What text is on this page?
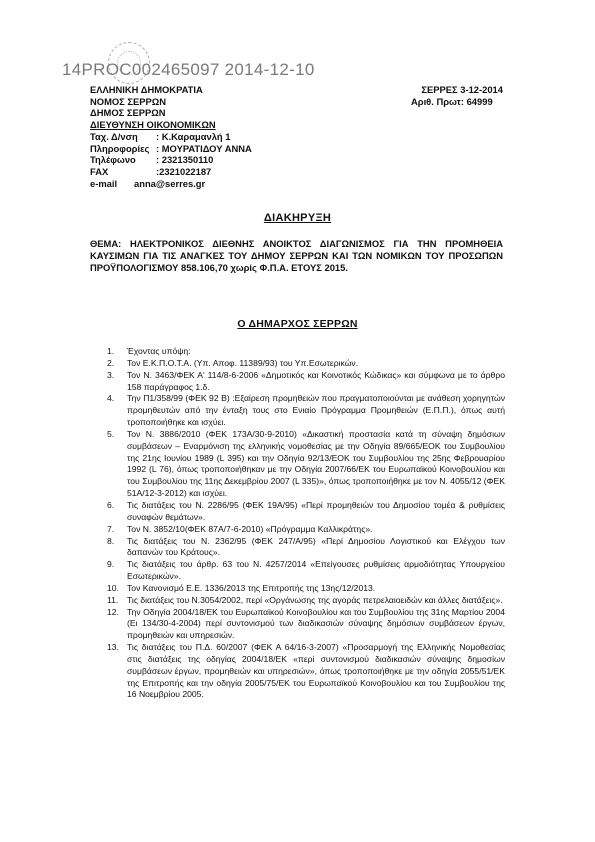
14PROC002465097 2014-12-10
ΕΛΛΗΝΙΚΗ ΔΗΜΟΚΡΑΤΙΑ
ΝΟΜΟΣ ΣΕΡΡΩΝ
ΔΗΜΟΣ ΣΕΡΡΩΝ
ΔΙΕΥΘΥΝΣΗ ΟΙΚΟΝΟΜΙΚΩΝ
Ταχ. Δ/νση	: Κ.Καραμανλή 1
Πληροφορίες : ΜΟΥΡΑΤΙΔΟΥ ΑΝΝΑ
Τηλέφωνο	: 2321350110
FAX	:2321022187
e-mail	anna@serres.gr
ΣΕΡΡΕΣ 3-12-2014
Αριθ. Πρωτ: 64999
ΔΙΑΚΗΡΥΞΗ
ΘΕΜΑ: ΗΛΕΚΤΡΟΝΙΚΟΣ ΔΙΕΘΝΗΣ ΑΝΟΙΚΤΟΣ ΔΙΑΓΩΝΙΣΜΟΣ ΓΙΑ ΤΗΝ ΠΡΟΜΗΘΕΙΑ ΚΑΥΣΙΜΩΝ ΓΙΑ ΤΙΣ ΑΝΑΓΚΕΣ ΤΟΥ ΔΗΜΟΥ ΣΕΡΡΩΝ ΚΑΙ ΤΩΝ ΝΟΜΙΚΩΝ ΤΟΥ ΠΡΟΣΩΠΩΝ ΠΡΟΫΠΟΛΟΓΙΣΜΟΥ 858.106,70 χωρίς Φ.Π.Α. ΕΤΟΥΣ 2015.
Ο ΔΗΜΑΡΧΟΣ ΣΕΡΡΩΝ
1.	Έχοντας υπόψη:
2.	Τον Ε.Κ.Π.Ο.Τ.Α. (Υπ. Αποφ. 11389/93) του Υπ.Εσωτερικών.
3.	Τον Ν. 3463/ΦΕΚ Α' 114/8-6-2006 «Δημοτικός και Κοινοτικός Κώδικας» και σύμφωνα με το άρθρο 158 παράγραφος 1.δ.
4.	Την Π1/358/99 (ΦΕΚ 92 Β) :Εξαίρεση προμηθειών που πραγματοποιούνται με ανάθεση χορηγητών προμηθευτών από την ένταξη τους στο Ενιαίο Πρόγραμμα Προμηθειών (Ε.Π.Π.), όπως αυτή τροποποιήθηκε και ισχύει.
5.	Τον Ν. 3886/2010 (ΦΕΚ 173Α/30-9-2010) «Δικαστική προστασία κατά τη σύναψη δημόσιων συμβάσεων – Εναρμόνιση της ελληνικής νομοθεσίας με την Οδηγία 89/665/ΕΟΚ του Συμβουλίου της 21ης Ιουνίου 1989 (L 395) και την Οδηγία 92/13/ΕΟΚ του Συμβουλίου της 25ης Φεβρουαρίου 1992 (L 76), όπως τροποποιήθηκαν με την Οδηγία 2007/66/ΕΚ του Ευρωπαϊκού Κοινοβουλίου και του Συμβουλίου της 11ης Δεκεμβρίου 2007 (L 335)», όπως τροποποιήθηκε με τον Ν. 4055/12 (ΦΕΚ 51Α/12-3-2012) και ισχύει.
6.	Τις διατάξεις του Ν. 2286/95 (ΦΕΚ 19Α/95) «Περί προμηθειών του Δημοσίου τομέα & ρυθμίσεις συναφών θεμάτων».
7.	Τον Ν. 3852/10(ΦΕΚ 87Α/7-6-2010) «Πρόγραμμα Καλλικράτης».
8.	Τις διατάξεις του Ν. 2362/95 (ΦΕΚ 247/Α/95) «Περί Δημοσίου Λογιστικού και Ελέγχου των δαπανών του Κράτους».
9.	Τις διατάξεις του άρθρ. 63 του Ν. 4257/2014 «Επείγουσες ρυθμίσεις αρμοδιότητας Υπουργείου Εσωτερικών».
10. Τον Κανονισμό Ε.Ε. 1336/2013 της Επιτροπής της 13ης/12/2013.
11.	Τις διατάξεις του Ν.3054/2002, περί «Οργάνωσης της αγοράς πετρελαιοειδών και άλλες διατάξεις».
12. Την Οδηγία 2004/18/ΕΚ του Ευρωπαϊκού Κοινοβουλίου και του Συμβουλίου της 31ης Μαρτίου 2004 (Ει 134/30-4-2004) περί συντονισμού των διαδικασιών σύναψης δημόσιων συμβάσεων έργων, προμηθειών και υπηρεσιών.
13. Τις διατάξεις του Π.Δ. 60/2007 (ΦΕΚ Α 64/16-3-2007) «Προσαρμογή της Ελληνικής Νομοθεσίας στις διατάξεις της οδηγίας 2004/18/ΕΚ «περί συντονισμού διαδικασιών σύναψης δημοσίων συμβάσεων έργων, προμηθειών και υπηρεσιών», όπως τροποποιήθηκε με την οδηγία 2055/51/ΕΚ της Επιτροπής και την οδηγία 2005/75/ΕΚ του Ευρωπαϊκού Κοινοβουλίου και του Συμβουλίου της 16 Νοεμβρίου 2005.
